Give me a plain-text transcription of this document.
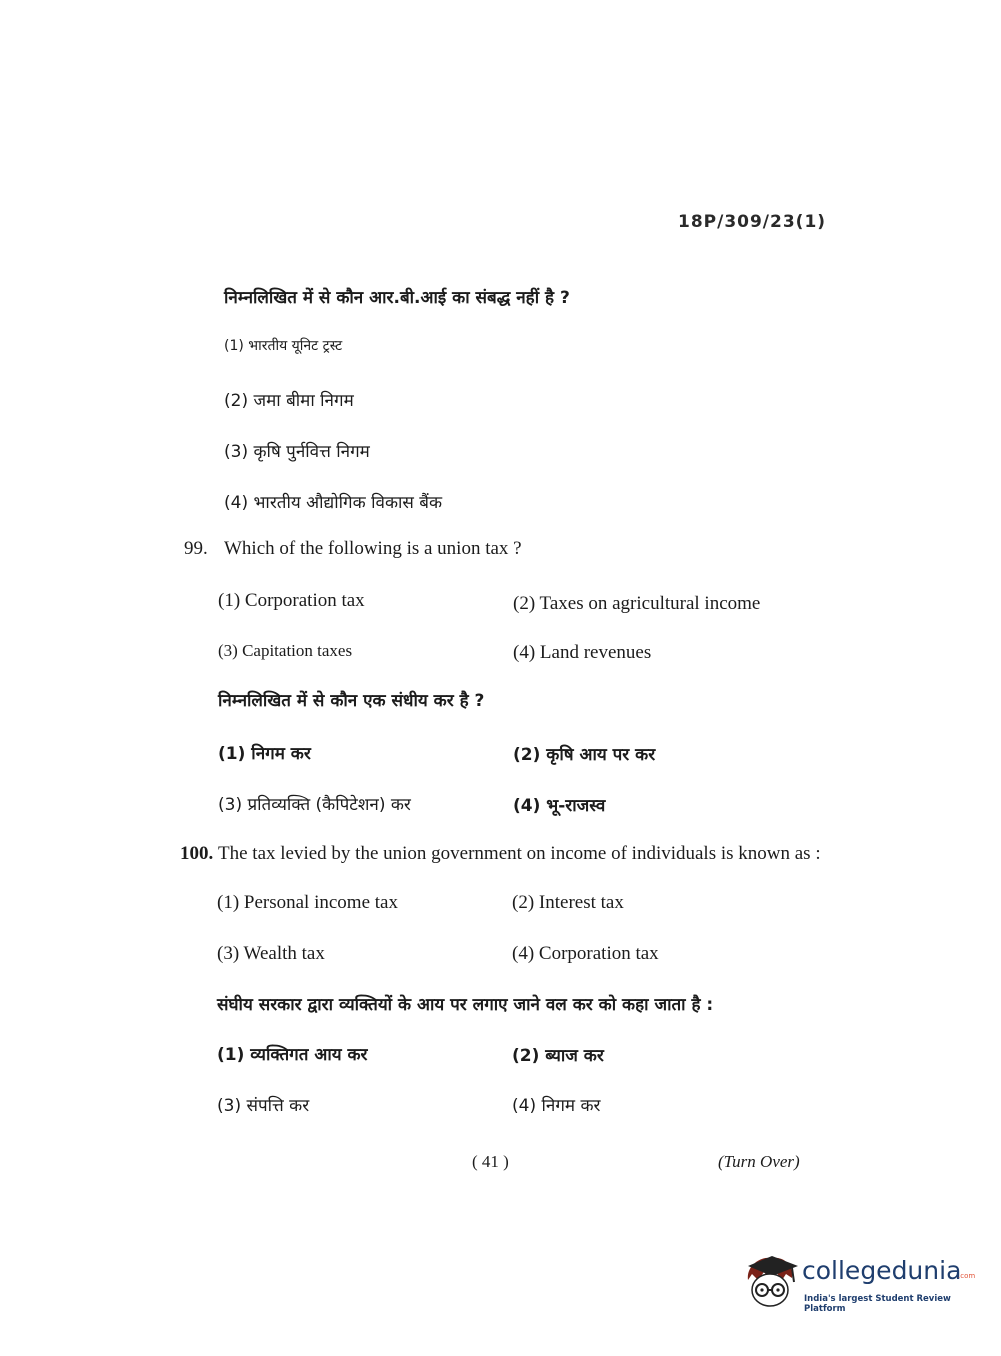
18P/309/23(1)
निम्नलिखित में से कौन आर.बी.आई का संबद्ध नहीं है ?
(1) भारतीय यूनिट ट्रस्ट
(2) जमा बीमा निगम
(3) कृषि पुर्नवित्त निगम
(4) भारतीय औद्योगिक विकास बैंक
99. Which of the following is a union tax ?
(1) Corporation tax	(2) Taxes on agricultural income
(3) Capitation taxes	(4) Land revenues
निम्नलिखित में से कौन एक संधीय कर है ?
(1) निगम कर	(2) कृषि आय पर कर
(3) प्रतिव्यक्ति (कैपिटेशन) कर	(4) भू-राजस्व
100. The tax levied by the union government on income of individuals is known as :
(1) Personal income tax	(2) Interest tax
(3) Wealth tax	(4) Corporation tax
संघीय सरकार द्वारा व्यक्तियों के आय पर लगाए जाने वल कर को कहा जाता है :
(1) व्यक्तिगत आय कर	(2) ब्याज कर
(3) संपत्ति कर	(4) निगम कर
( 41 )	(Turn Over)
collegedunia
.com
India's largest Student Review Platform
